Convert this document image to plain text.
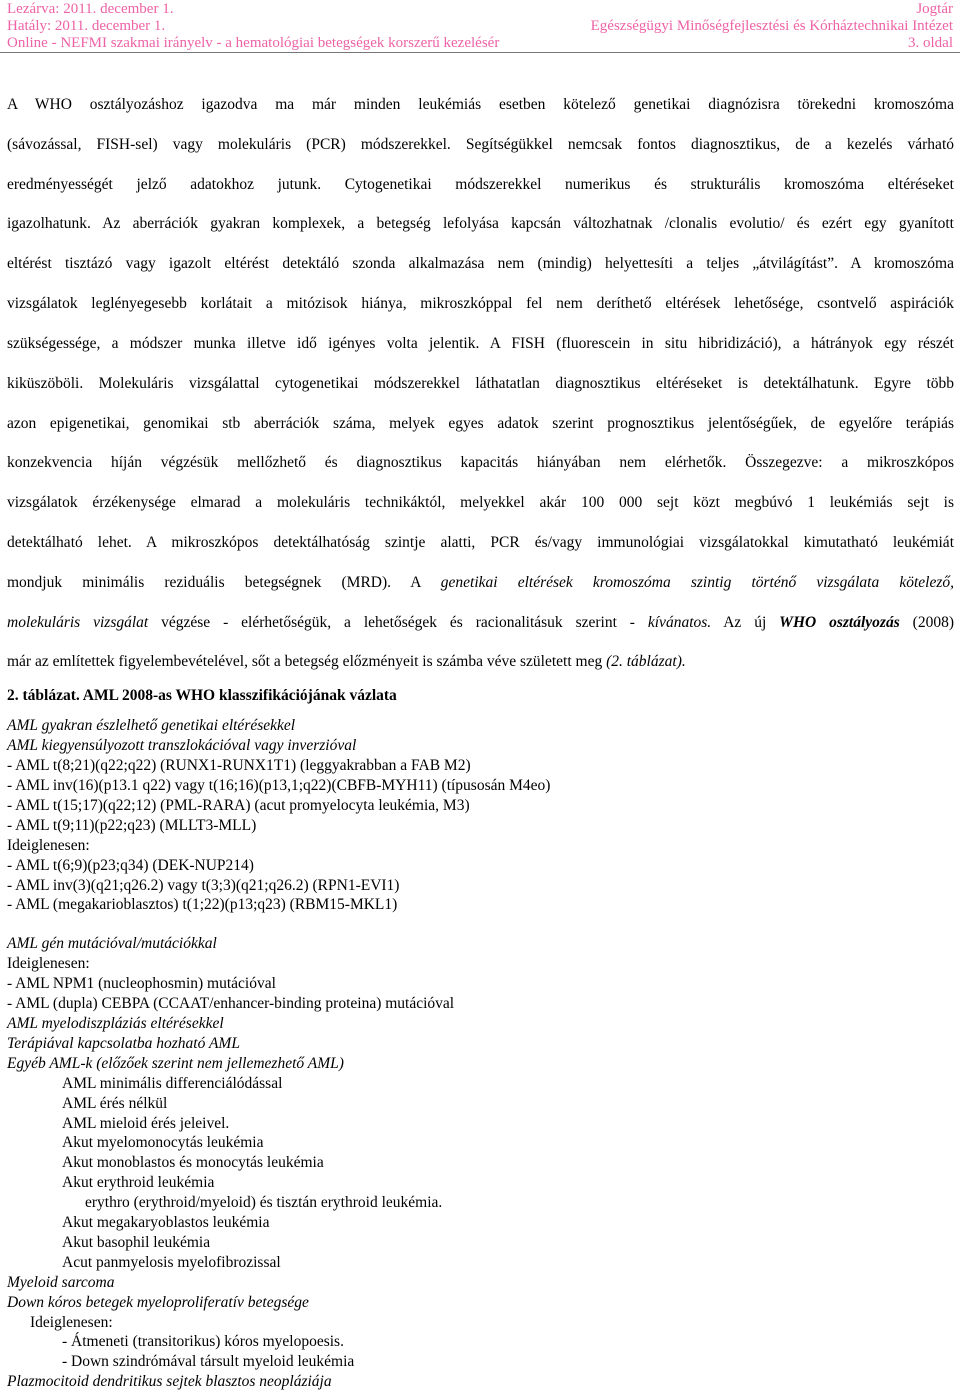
Lezárva: 2011. december 1.	Jogtár
Hatály: 2011. december 1.	Egészségügyi Minőségfejlesztési és Kórháztechnikai Intézet
Online - NEFMI szakmai irányelv - a hematológiai betegségek korszerű kezelésér	3. oldal

A WHO osztályozáshoz igazodva ma már minden leukémiás esetben kötelező genetikai diagnózisra törekedni kromoszóma

(sávozással, FISH-sel) vagy molekuláris (PCR) módszerekkel. Segítségükkel nemcsak fontos diagnosztikus, de a kezelés várható

eredményességét jelző adatokhoz jutunk. Cytogenetikai módszerekkel numerikus és strukturális kromoszóma eltéréseket

igazolhatunk. Az aberrációk gyakran komplexek, a betegség lefolyása kapcsán változhatnak /clonalis evolutio/ és ezért egy gyanított

eltérést tisztázó vagy igazolt eltérést detektáló szonda alkalmazása nem (mindig) helyettesíti a teljes „átvilágítást”. A kromoszóma

vizsgálatok leglényegesebb korlátait a mitózisok hiánya, mikroszkóppal fel nem deríthető eltérések lehetősége, csontvelő aspirációk

szükségessége, a módszer munka illetve idő igényes volta jelentik. A FISH (fluorescein in situ hibridizáció), a hátrányok egy részét

kiküszöböli. Molekuláris vizsgálattal cytogenetikai módszerekkel láthatatlan diagnosztikus eltéréseket is detektálhatunk. Egyre több

azon epigenetikai, genomikai stb aberrációk száma, melyek egyes adatok szerint prognosztikus jelentőségűek, de egyelőre terápiás

konzekvencia híján végzésük mellőzhető és diagnosztikus kapacitás hiányában nem elérhetők. Összegezve: a mikroszkópos

vizsgálatok érzékenysége elmarad a molekuláris technikáktól, melyekkel akár 100 000 sejt közt megbúvó 1 leukémiás sejt is

detektálható lehet. A mikroszkópos detektálhatóság szintje alatti, PCR és/vagy immunológiai vizsgálatokkal kimutatható leukémiát

mondjuk minimális reziduális betegségnek (MRD). A genetikai eltérések kromoszóma szintig történő vizsgálata kötelező,

molekuláris vizsgálat végzése - elérhetőségük, a lehetőségek és racionalitásuk szerint - kívánatos. Az új WHO osztályozás (2008)

már az említettek figyelembevételével, sőt a betegség előzményeit is számba véve született meg (2. táblázat).

2. táblázat. AML 2008-as WHO klasszifikációjának vázlata
AML gyakran észlelhető genetikai eltérésekkel
AML kiegyensúlyozott transzlokációval vagy inverzióval
- AML t(8;21)(q22;q22) (RUNX1-RUNX1T1) (leggyakrabban a FAB M2)
- AML inv(16)(p13.1 q22) vagy t(16;16)(p13,1;q22)(CBFB-MYH11) (típusosán M4eo)
- AML t(15;17)(q22;12) (PML-RARA) (acut promyelocyta leukémia, M3)
- AML t(9;11)(p22;q23) (MLLT3-MLL)
Ideiglenesen:
- AML t(6;9)(p23;q34) (DEK-NUP214)
- AML inv(3)(q21;q26.2) vagy t(3;3)(q21;q26.2) (RPN1-EVI1)
- AML (megakarioblasztos) t(1;22)(p13;q23) (RBM15-MKL1)
AML gén mutációval/mutációkkal
Ideiglenesen:
- AML NPM1 (nucleophosmin) mutációval
- AML (dupla) CEBPA (CCAAT/enhancer-binding proteina) mutációval
AML myelodiszpláziás eltérésekkel
Terápiával kapcsolatba hozható AML
Egyéb AML-k (előzőek szerint nem jellemezhető AML)
AML minimális differenciálódással
AML érés nélkül
AML mieloid érés jeleivel.
Akut myelomonocytás leukémia
Akut monoblastos és monocytás leukémia
Akut erythroid leukémia
erythro (erythroid/myeloid) és tisztán erythroid leukémia.
Akut megakaryoblastos leukémia
Akut basophil leukémia
Acut panmyelosis myelofibrozissal
Myeloid sarcoma
Down kóros betegek myeloproliferatív betegsége
Ideiglenesen:
- Átmeneti (transitorikus) kóros myelopoesis.
- Down szindrómával társult myeloid leukémia
Plazmocitoid dendritikus sejtek blasztos neopláziája
